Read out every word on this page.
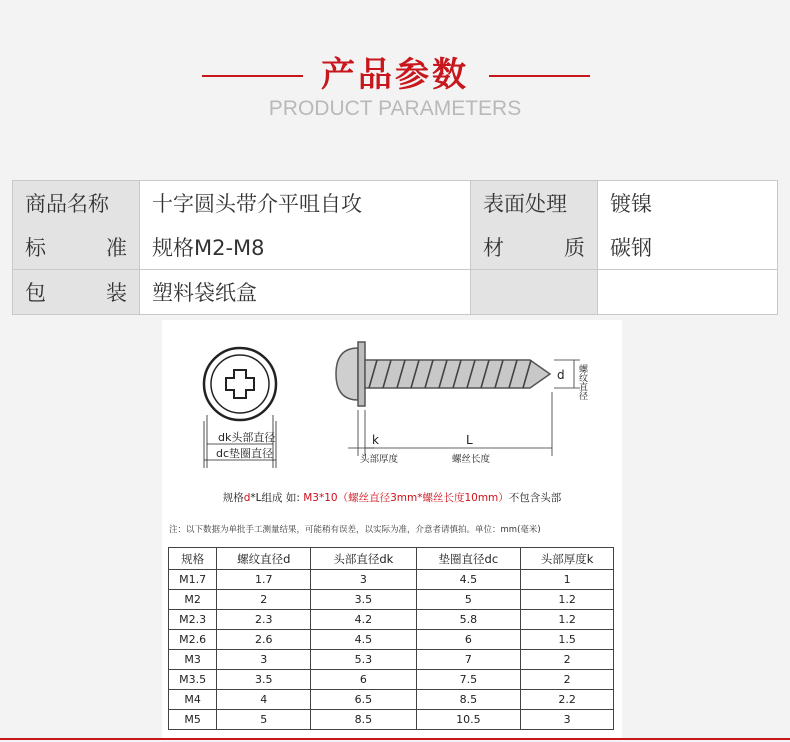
产品参数
PRODUCT PARAMETERS
商品名称	十字圆头带介平咀自攻	表面处理	镀镍

标 准	规格M2-M8	材 质	碳钢

包 装	塑料袋纸盒		
dk头部直径
dc垫圈直径
k
头部厚度
L
螺丝长度
d 螺纹直径
规格d*L组成 如: M3*10（螺丝直径3mm*螺丝长度10mm）不包含头部
注：以下数据为单批手工测量结果，可能稍有误差，以实际为准，介意者请慎拍。单位：mm(毫米)
规格	螺纹直径d	头部直径dk	垫圈直径dc	头部厚度k
M1.7	1.7	3	4.5	1
M2	2	3.5	5	1.2
M2.3	2.3	4.2	5.8	1.2
M2.6	2.6	4.5	6	1.5
M3	3	5.3	7	2
M3.5	3.5	6	7.5	2
M4	4	6.5	8.5	2.2
M5	5	8.5	10.5	3
